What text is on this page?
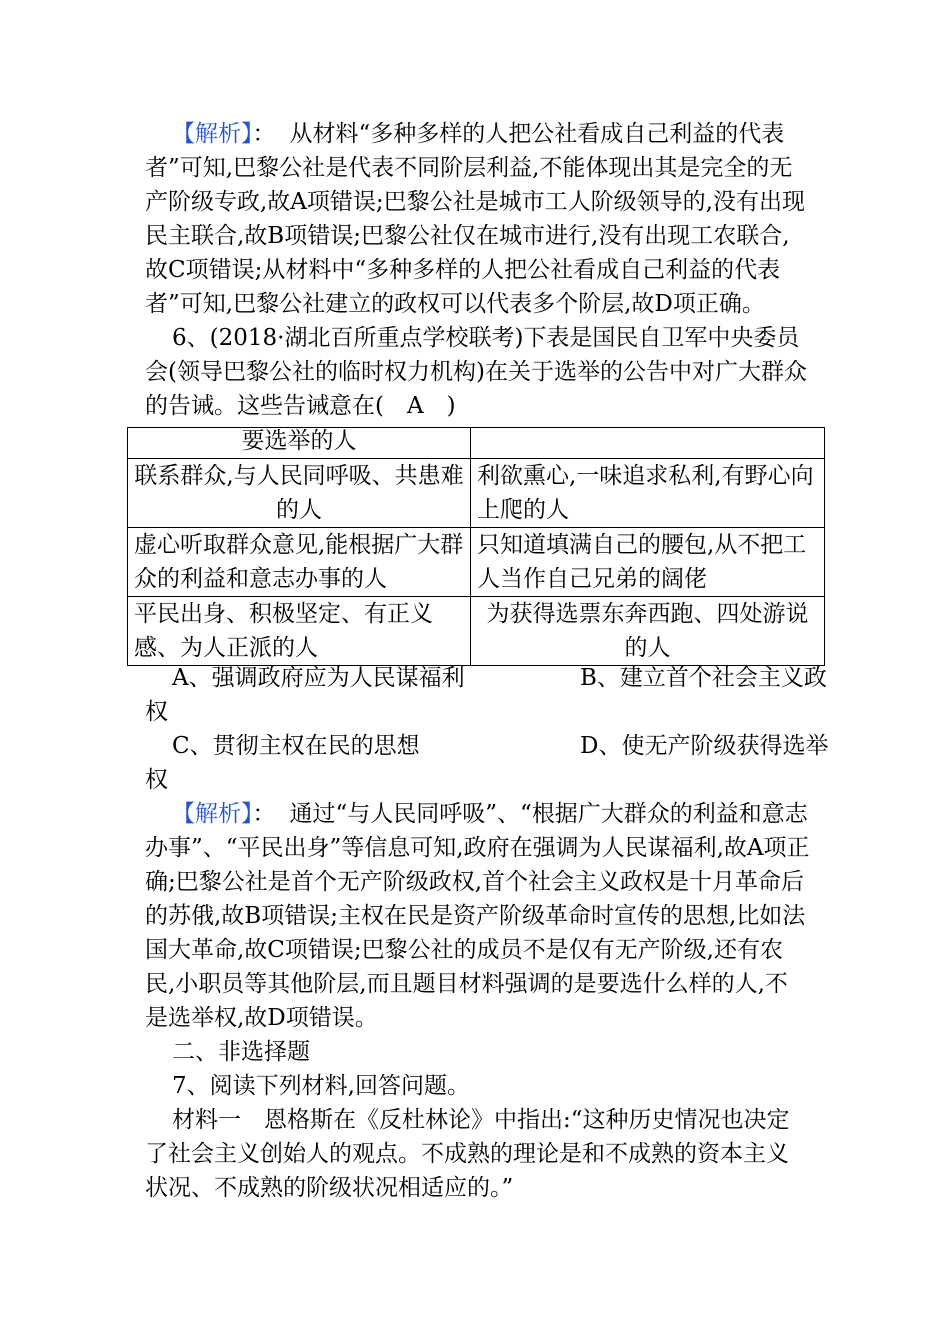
【解析】： 从材料“多种多样的人把公社看成自己利益的代表者”可知,巴黎公社是代表不同阶层利益,不能体现出其是完全的无产阶级专政,故A项错误;巴黎公社是城市工人阶级领导的,没有出现民主联合,故B项错误;巴黎公社仅在城市进行,没有出现工农联合,故C项错误;从材料中“多种多样的人把公社看成自己利益的代表者”可知,巴黎公社建立的政权可以代表多个阶层,故D项正确。

6、(2018·湖北百所重点学校联考)下表是国民自卫军中央委员会(领导巴黎公社的临时权力机构)在关于选举的公告中对广大群众的告诫。这些告诫意在(　A　)

要选举的人	
联系群众,与人民同呼吸、共患难的人	利欲熏心,一味追求私利,有野心向上爬的人
虚心听取群众意见,能根据广大群众的利益和意志办事的人	只知道填满自己的腰包,从不把工人当作自己兄弟的阔佬
平民出身、积极坚定、有正义感、为人正派的人	为获得选票东奔西跑、四处游说的人
A、强调政府应为人民谋福利	B、建立首个社会主义政
权
C、贯彻主权在民的思想	D、使无产阶级获得选举
权

【解析】： 通过“与人民同呼吸”、“根据广大群众的利益和意志办事”、“平民出身”等信息可知,政府在强调为人民谋福利,故A项正确;巴黎公社是首个无产阶级政权,首个社会主义政权是十月革命后的苏俄,故B项错误;主权在民是资产阶级革命时宣传的思想,比如法国大革命,故C项错误;巴黎公社的成员不是仅有无产阶级,还有农民,小职员等其他阶层,而且题目材料强调的是要选什么样的人,不是选举权,故D项错误。

二、非选择题

7、阅读下列材料,回答问题。

材料一　恩格斯在《反杜林论》中指出:“这种历史情况也决定了社会主义创始人的观点。不成熟的理论是和不成熟的资本主义状况、不成熟的阶级状况相适应的。”
